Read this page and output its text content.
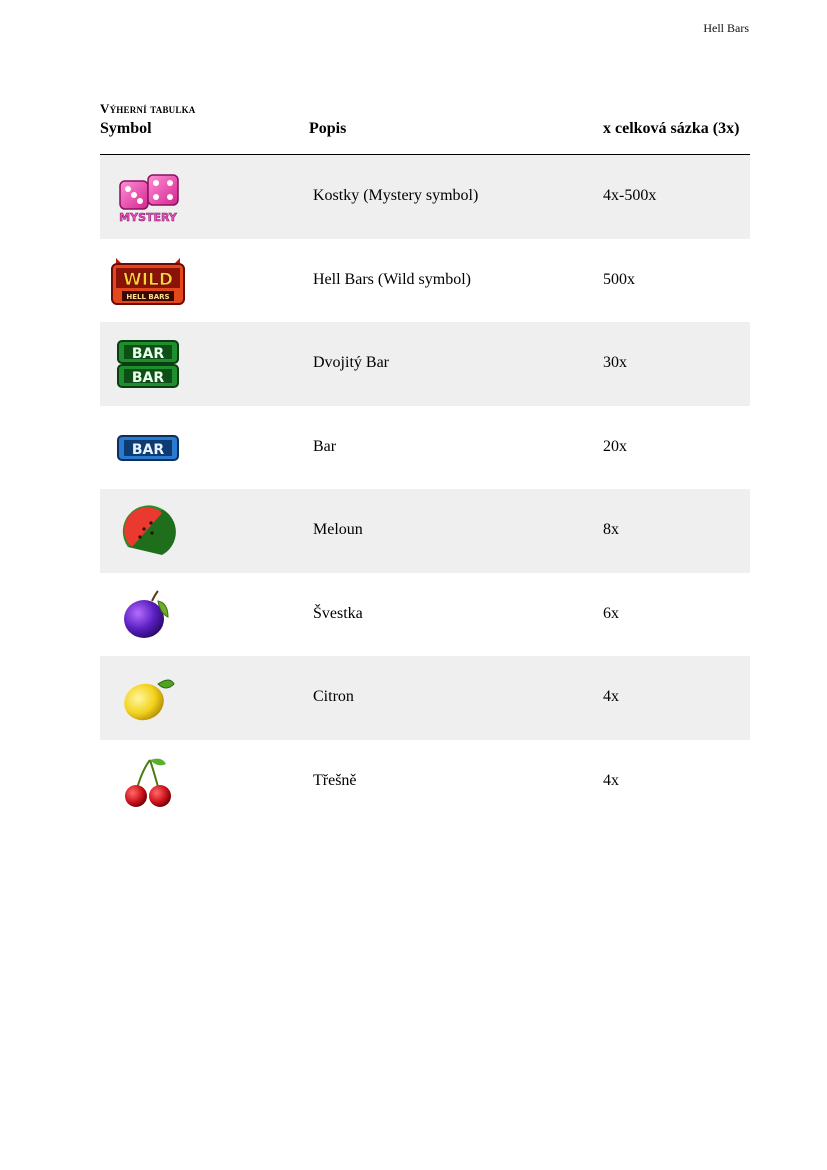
Hell Bars
Výherní tabulka
Symbol	Popis	x celková sázka (3x)
MYSTERY
Kostky (Mystery symbol)	4x-500x
WILD
HELL BARS
Hell Bars (Wild symbol)	500x
BAR
BAR
Dvojitý Bar	30x
BAR	Bar	20x
Meloun	8x
Švestka	6x
Citron	4x
Třešně	4x
